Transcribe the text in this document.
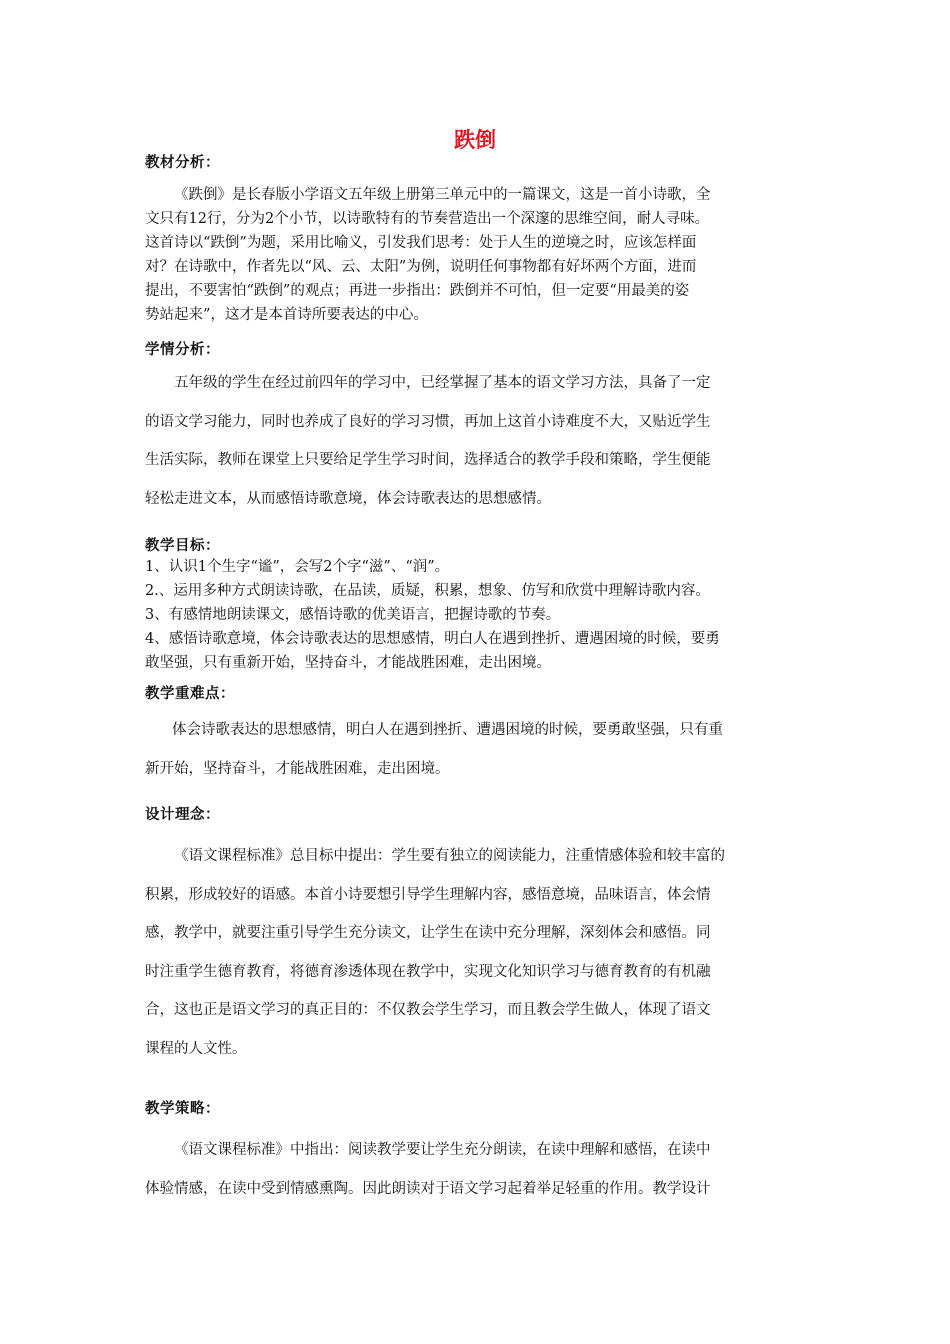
跌倒
教材分析：
《跌倒》是长春版小学语文五年级上册第三单元中的一篇课文，这是一首小诗歌，全
文只有12行，分为2个小节，以诗歌特有的节奏营造出一个深邃的思维空间，耐人寻味。
这首诗以“跌倒”为题，采用比喻义，引发我们思考：处于人生的逆境之时，应该怎样面
对？在诗歌中，作者先以“风、云、太阳”为例，说明任何事物都有好坏两个方面，进而
提出，不要害怕“跌倒”的观点；再进一步指出：跌倒并不可怕，但一定要“用最美的姿
势站起来”，这才是本首诗所要表达的中心。
学情分析：
五年级的学生在经过前四年的学习中，已经掌握了基本的语文学习方法，具备了一定
的语文学习能力，同时也养成了良好的学习习惯，再加上这首小诗难度不大，又贴近学生
生活实际，教师在课堂上只要给足学生学习时间，选择适合的教学手段和策略，学生便能
轻松走进文本，从而感悟诗歌意境，体会诗歌表达的思想感情。
教学目标：
1、认识1个生字“谧”，会写2个字“滋”、“润”。
2.、运用多种方式朗读诗歌，在品读，质疑，积累，想象、仿写和欣赏中理解诗歌内容。
3、有感情地朗读课文，感悟诗歌的优美语言，把握诗歌的节奏。
4、感悟诗歌意境，体会诗歌表达的思想感情，明白人在遇到挫折、遭遇困境的时候，要勇
敢坚强，只有重新开始，坚持奋斗，才能战胜困难，走出困境。
教学重难点：
体会诗歌表达的思想感情，明白人在遇到挫折、遭遇困境的时候，要勇敢坚强，只有重
新开始，坚持奋斗，才能战胜困难，走出困境。
设计理念：
《语文课程标准》总目标中提出：学生要有独立的阅读能力，注重情感体验和较丰富的
积累，形成较好的语感。本首小诗要想引导学生理解内容，感悟意境，品味语言，体会情
感，教学中，就要注重引导学生充分读文，让学生在读中充分理解，深刻体会和感悟。同
时注重学生德育教育，将德育渗透体现在教学中，实现文化知识学习与德育教育的有机融
合，这也正是语文学习的真正目的：不仅教会学生学习，而且教会学生做人，体现了语文
课程的人文性。
教学策略：
《语文课程标准》中指出：阅读教学要让学生充分朗读，在读中理解和感悟，在读中
体验情感，在读中受到情感熏陶。因此朗读对于语文学习起着举足轻重的作用。教学设计
